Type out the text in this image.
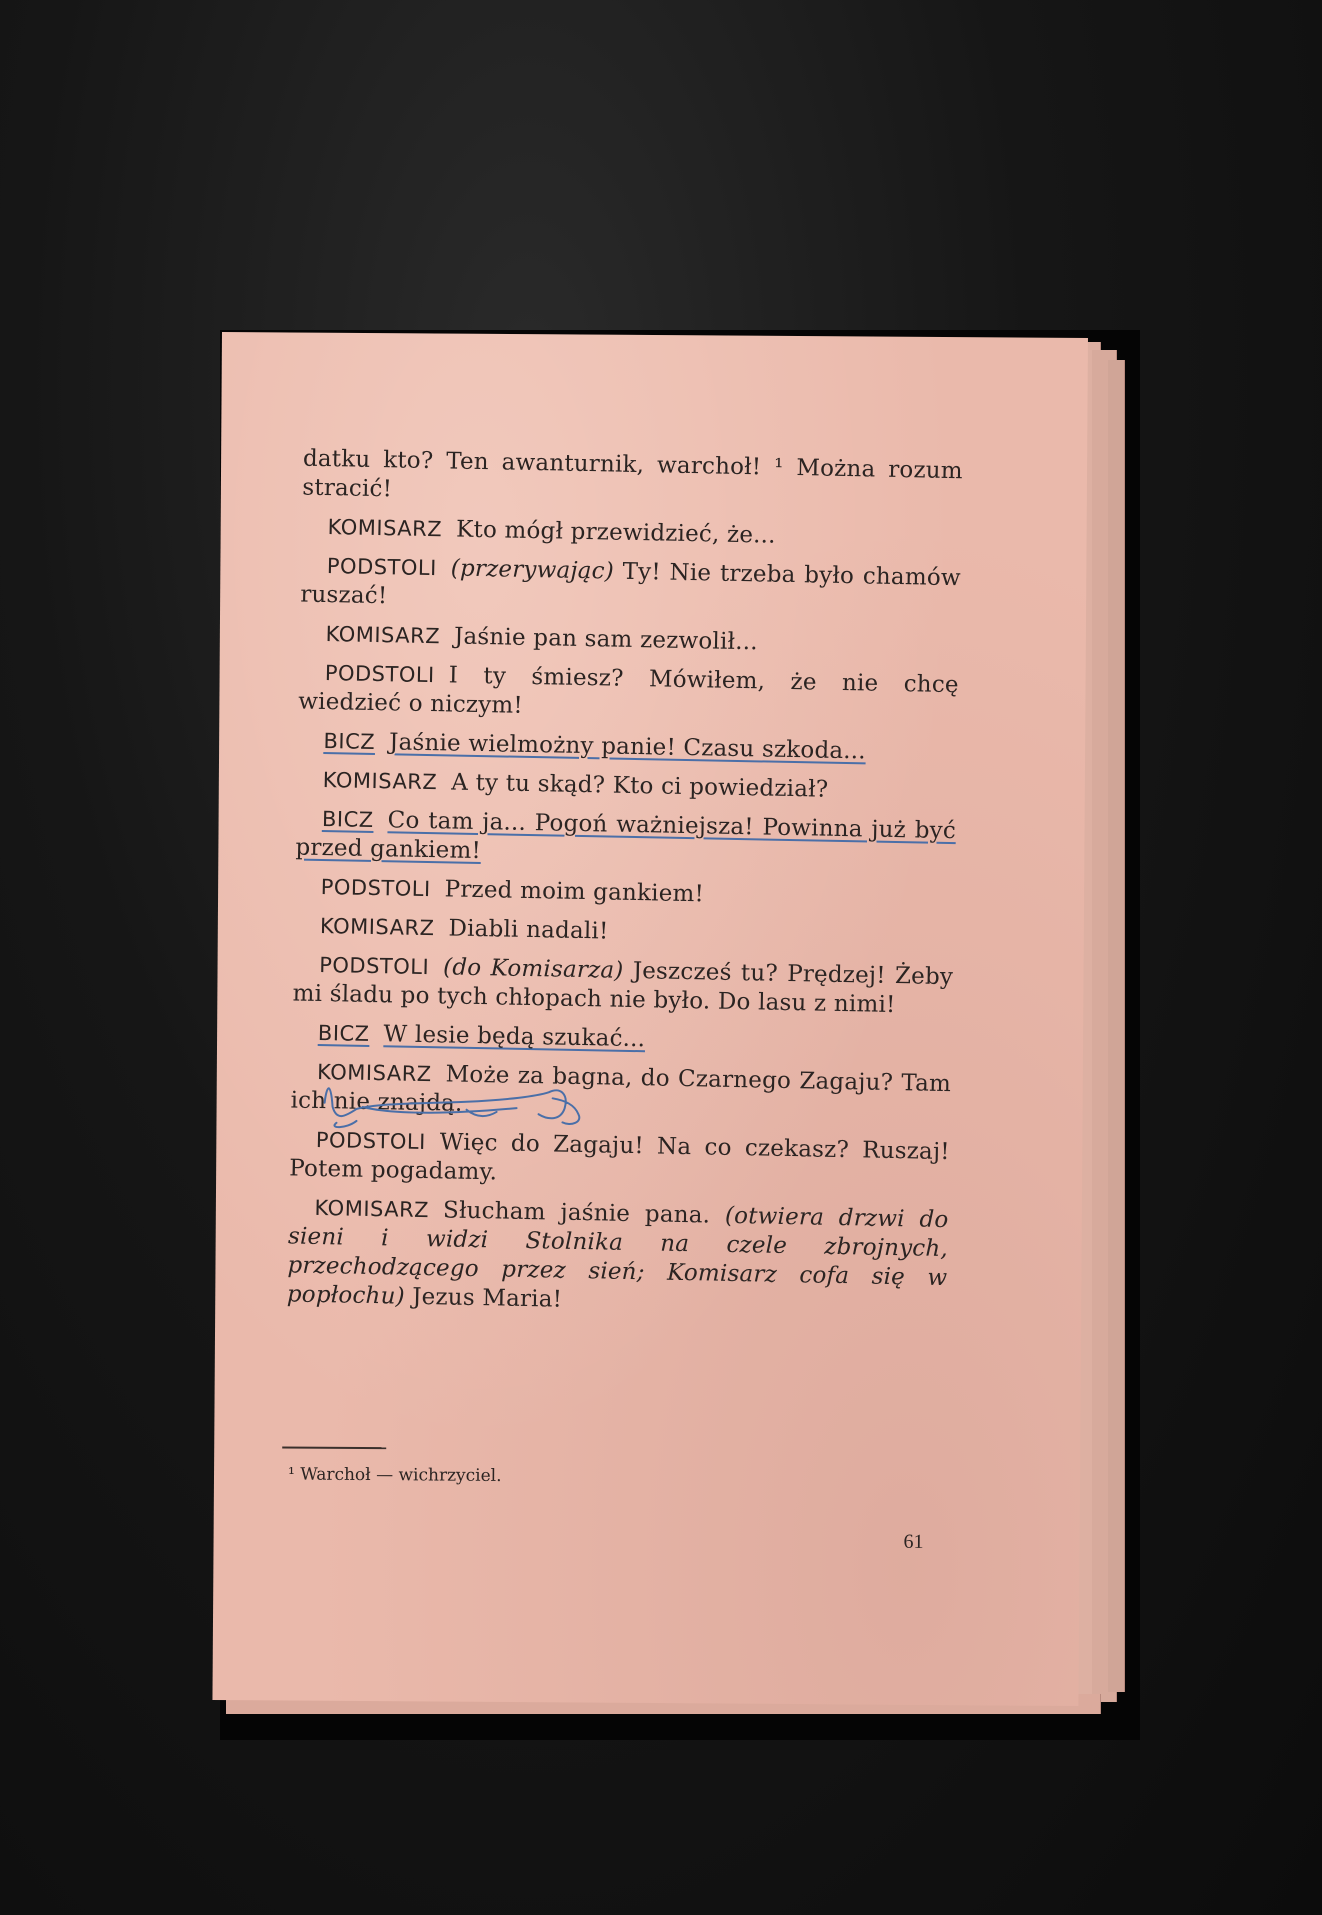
datku kto? Ten awanturnik, warchoł! ¹ Można rozum stracić!

KOMISARZ Kto mógł przewidzieć, że...

PODSTOLI (przerywając) Ty! Nie trzeba było chamów ruszać!

KOMISARZ Jaśnie pan sam zezwolił...

PODSTOLI I ty śmiesz? Mówiłem, że nie chcę wiedzieć o niczym!

BICZ Jaśnie wielmożny panie! Czasu szkoda...

KOMISARZ A ty tu skąd? Kto ci powiedział?

BICZ Co tam ja... Pogoń ważniejsza! Powinna już być przed gankiem!

PODSTOLI Przed moim gankiem!

KOMISARZ Diabli nadali!

PODSTOLI (do Komisarza) Jeszcześ tu? Prędzej! Żeby mi śladu po tych chłopach nie było. Do lasu z nimi!

BICZ W lesie będą szukać...

KOMISARZ Może za bagna, do Czarnego Zagaju? Tam ich nie znajdą.

PODSTOLI Więc do Zagaju! Na co czekasz? Ruszaj! Potem pogadamy.

KOMISARZ Słucham jaśnie pana. (otwiera drzwi do sieni i widzi Stolnika na czele zbrojnych, przechodzącego przez sień; Komisarz cofa się w popłochu) Jezus Maria!

¹ Warchoł — wichrzyciel.
61
